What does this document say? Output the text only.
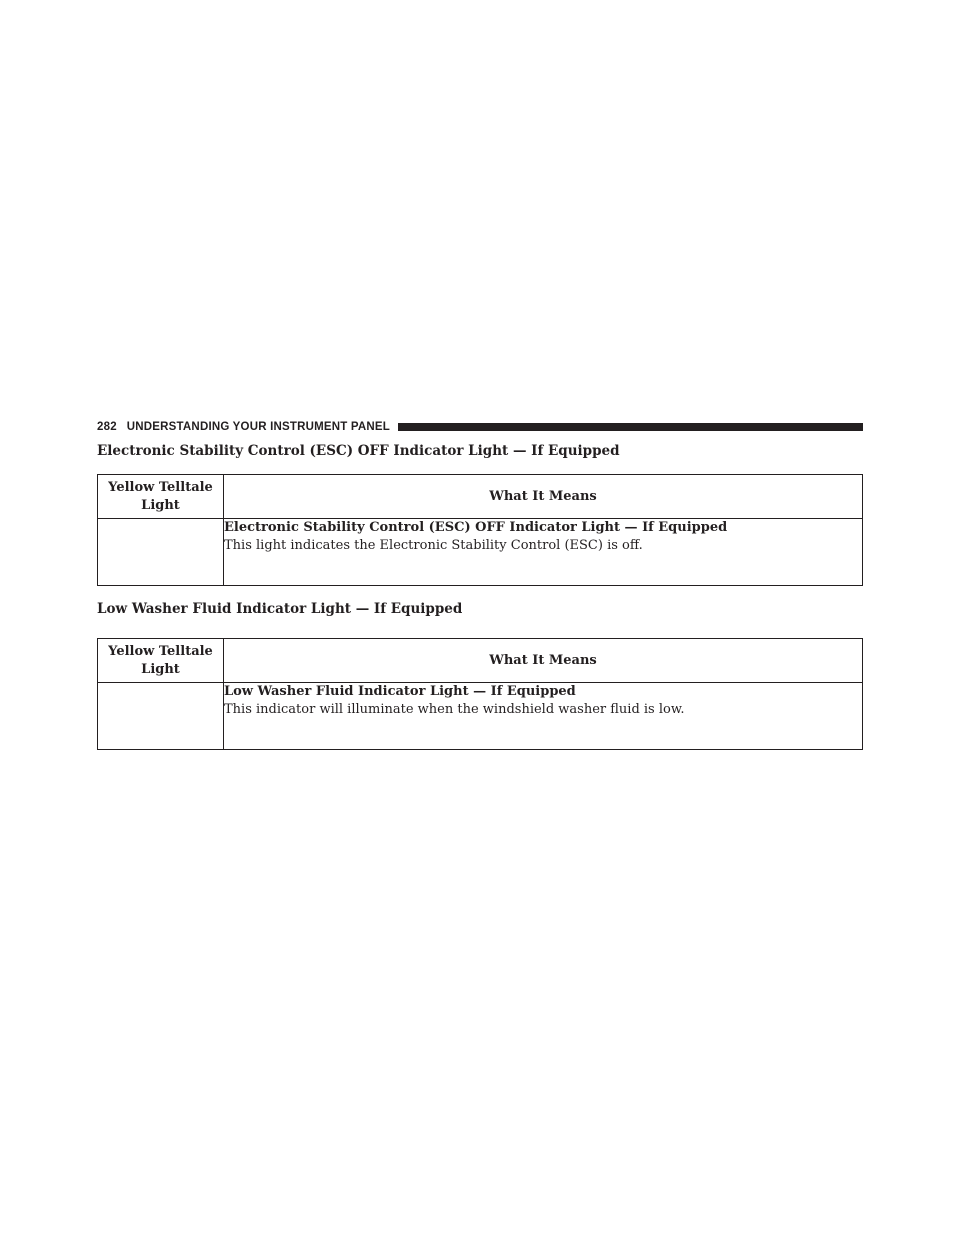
282 UNDERSTANDING YOUR INSTRUMENT PANEL
Electronic Stability Control (ESC) OFF Indicator Light — If Equipped
Yellow Telltale Light	What It Means

	Electronic Stability Control (ESC) OFF Indicator Light — If Equipped
This light indicates the Electronic Stability Control (ESC) is off.
Low Washer Fluid Indicator Light — If Equipped
Yellow Telltale Light	What It Means

	Low Washer Fluid Indicator Light — If Equipped
This indicator will illuminate when the windshield washer fluid is low.
